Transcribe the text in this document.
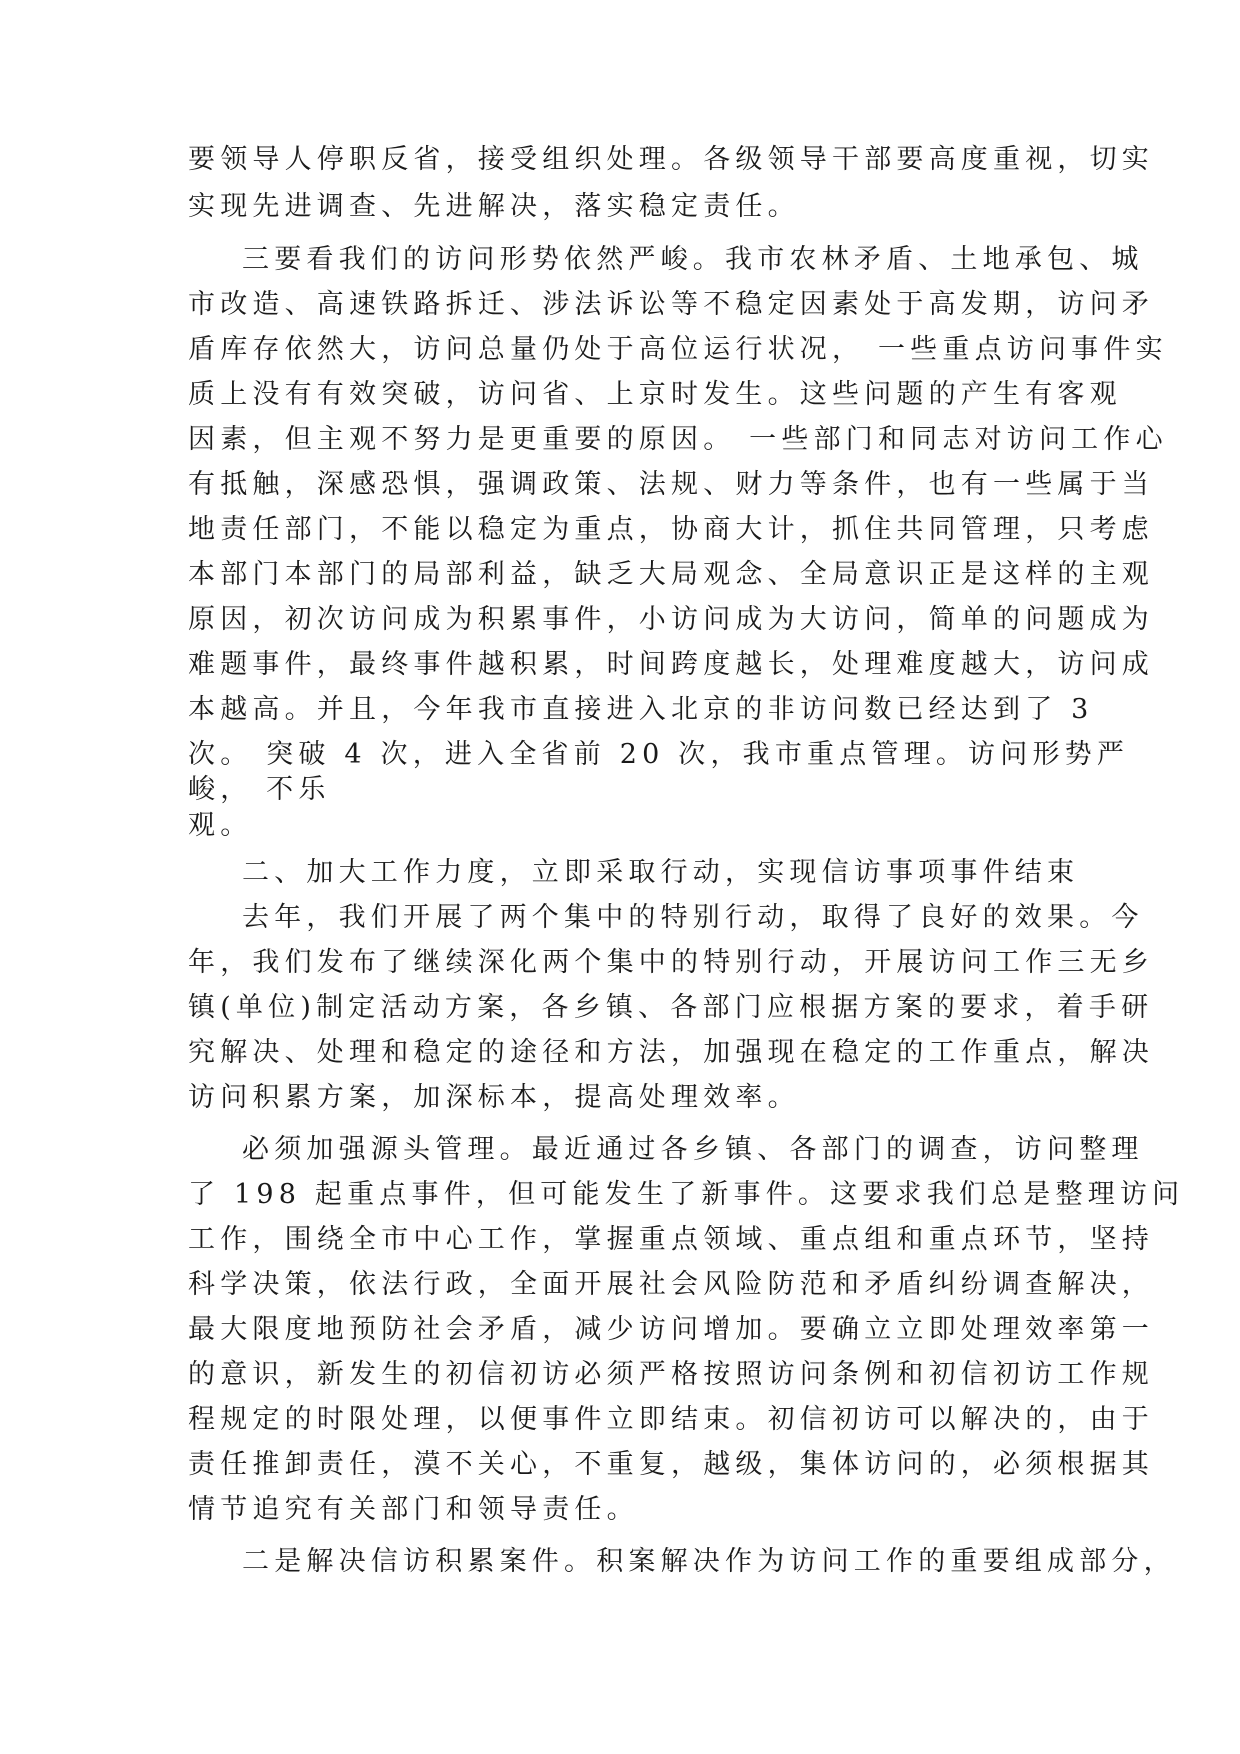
要领导人停职反省，接受组织处理。各级领导干部要高度重视，切实
实现先进调查、先进解决，落实稳定责任。
三要看我们的访问形势依然严峻。我市农林矛盾、土地承包、城
市改造、高速铁路拆迁、涉法诉讼等不稳定因素处于高发期，访问矛
盾库存依然大，访问总量仍处于高位运行状况， 一些重点访问事件实
质上没有有效突破，访问省、上京时发生。这些问题的产生有客观
因素，但主观不努力是更重要的原因。 一些部门和同志对访问工作心
有抵触，深感恐惧，强调政策、法规、财力等条件，也有一些属于当
地责任部门，不能以稳定为重点，协商大计，抓住共同管理，只考虑
本部门本部门的局部利益，缺乏大局观念、全局意识正是这样的主观
原因，初次访问成为积累事件，小访问成为大访问，简单的问题成为
难题事件，最终事件越积累，时间跨度越长，处理难度越大，访问成
本越高。并且，今年我市直接进入北京的非访问数已经达到了 3
次。 突破 4 次，进入全省前 20 次，我市重点管理。访问形势严
峻， 不乐
观。
二、加大工作力度，立即采取行动，实现信访事项事件结束
去年，我们开展了两个集中的特别行动，取得了良好的效果。今
年，我们发布了继续深化两个集中的特别行动，开展访问工作三无乡
镇(单位)制定活动方案，各乡镇、各部门应根据方案的要求，着手研
究解决、处理和稳定的途径和方法，加强现在稳定的工作重点，解决
访问积累方案，加深标本，提高处理效率。
必须加强源头管理。最近通过各乡镇、各部门的调查，访问整理
了 198 起重点事件，但可能发生了新事件。这要求我们总是整理访问
工作，围绕全市中心工作，掌握重点领域、重点组和重点环节，坚持
科学决策，依法行政，全面开展社会风险防范和矛盾纠纷调查解决，
最大限度地预防社会矛盾，减少访问增加。要确立立即处理效率第一
的意识，新发生的初信初访必须严格按照访问条例和初信初访工作规
程规定的时限处理，以便事件立即结束。初信初访可以解决的，由于
责任推卸责任，漠不关心，不重复，越级，集体访问的，必须根据其
情节追究有关部门和领导责任。
二是解决信访积累案件。积案解决作为访问工作的重要组成部分，
